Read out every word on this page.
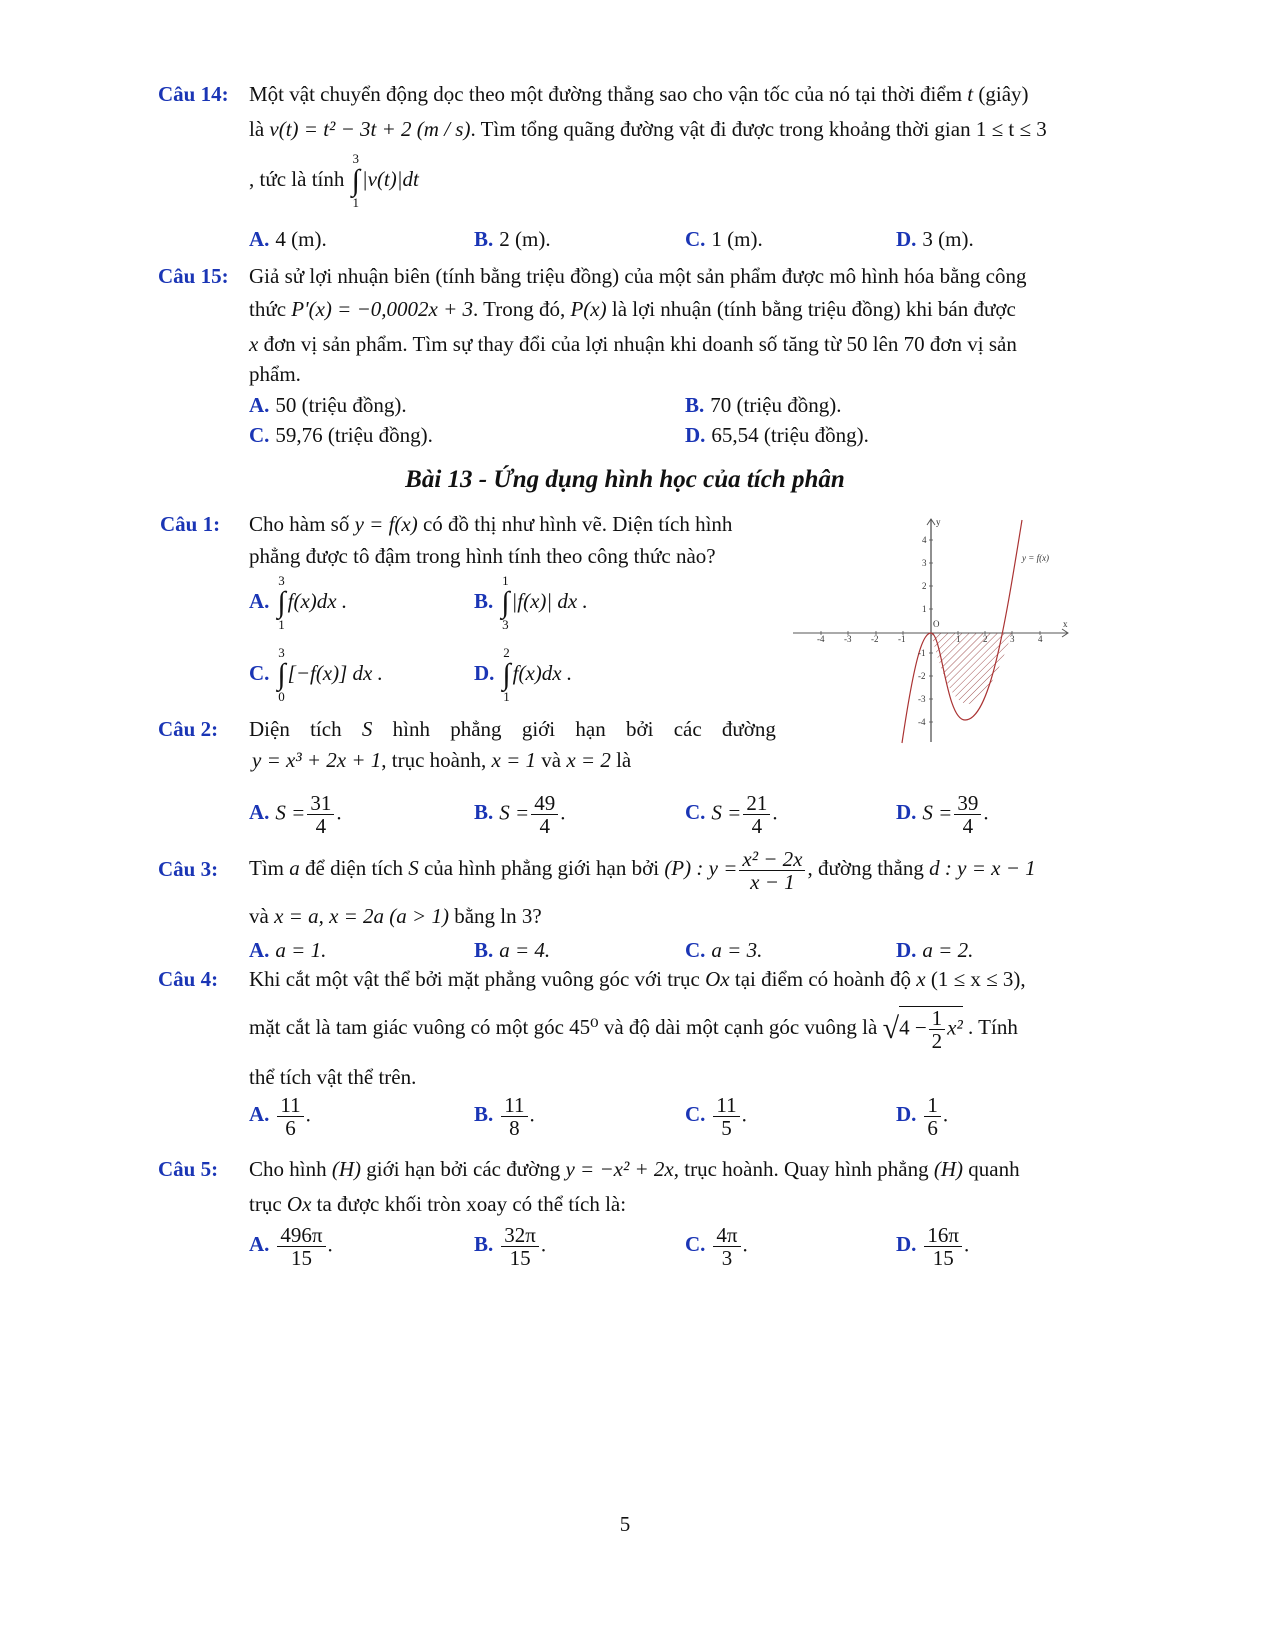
Câu 14: Một vật chuyển động dọc theo một đường thẳng sao cho vận tốc của nó tại thời điểm t (giây)
là v(t) = t² − 3t + 2 (m / s). Tìm tổng quãng đường vật đi được trong khoảng thời gian 1 ≤ t ≤ 3
, tức là tính
3
∫
1
|v(t)|dt
A. 4 (m).	B. 2 (m).	C. 1 (m).	D. 3 (m).
Câu 15: Giả sử lợi nhuận biên (tính bằng triệu đồng) của một sản phẩm được mô hình hóa bằng công
thức P'(x) = −0,0002x + 3. Trong đó, P(x) là lợi nhuận (tính bằng triệu đồng) khi bán được
x đơn vị sản phẩm. Tìm sự thay đổi của lợi nhuận khi doanh số tăng từ 50 lên 70 đơn vị sản
phẩm.
A. 50 (triệu đồng).	B. 70 (triệu đồng).
C. 59,76 (triệu đồng).	D. 65,54 (triệu đồng).
Bài 13 - Ứng dụng hình học của tích phân
Câu 1: Cho hàm số y = f(x) có đồ thị như hình vẽ. Diện tích hình
phẳng được tô đậm trong hình tính theo công thức nào?
A.
3
∫
1
f(x)dx .	B.
1
∫
3
|f(x)| dx .
C.
3
∫
0
[−f(x)] dx .	D.
2
∫
1
f(x)dx .
y
x
O
y = f(x)
-4 -3 -2 -1	1	2	3	4
4
3
2
1
-1
-2
-3
-4
Câu 2: Diện tích S hình phẳng giới hạn bởi các đường
y = x³ + 2x + 1, trục hoành, x = 1 và x = 2 là
A. $S = \frac{31}{4}$ .	B. $S = \frac{49}{4}$ .	C. $S = \frac{21}{4}$ .	D. $S = \frac{39}{4}$ .
Câu 3: Tìm a để diện tích S của hình phẳng giới hạn bởi (P) : $y = \frac{\text{x² − 2x}}{x - 1}$ , đường thẳng d : y = x − 1
và x = a, x = 2a (a > 1) bằng ln 3?
A. a = 1.	B. a = 4.	C. a = 3.	D. a = 2.
Câu 4: Khi cắt một vật thể bởi mặt phẳng vuông góc với trục Ox tại điểm có hoành độ x (1 ≤ x ≤ 3),
mặt cắt là tam giác vuông có một góc 45⁰ và độ dài một cạnh góc vuông là $√4 - \frac{1}{2} x^2$ . Tính
thể tích vật thể trên.
A. $\frac{11}{6}$ .	B. $\frac{11}{8}$ .	C. $\frac{11}{5}$ .	D. $\frac{1}{6}$ .
Câu 5: Cho hình (H) giới hạn bởi các đường y = −x² + 2x, trục hoành. Quay hình phẳng (H) quanh
trục Ox ta được khối tròn xoay có thể tích là:
A. $\frac{496\pi}{15}$ .	B. $\frac{32\pi}{15}$ .	C. $\frac{4\pi}{3}$ .	D. $\frac{16\pi}{15}$ .
5
